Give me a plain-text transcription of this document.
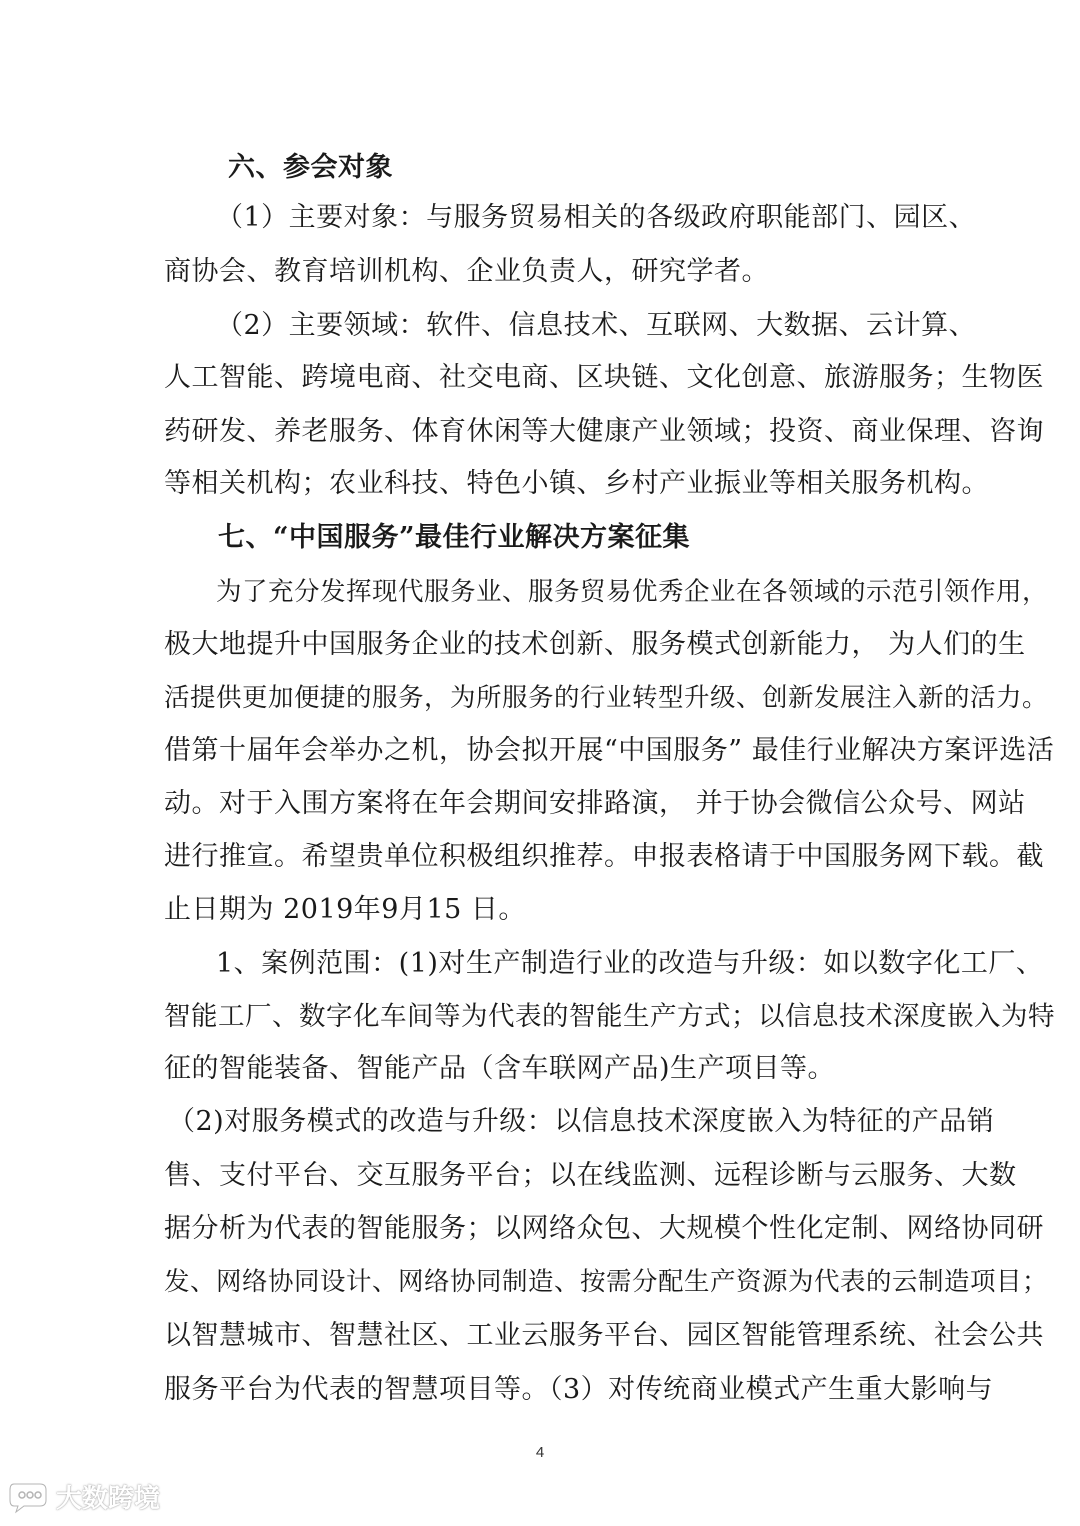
六、参会对象
（1）主要对象：与服务贸易相关的各级政府职能部门、园区、
商协会、教育培训机构、企业负责人，研究学者。
（2）主要领域：软件、信息技术、互联网、大数据、云计算、
人工智能、跨境电商、社交电商、区块链、文化创意、旅游服务；生物医
药研发、养老服务、体育休闲等大健康产业领域；投资、商业保理、咨询
等相关机构；农业科技、特色小镇、乡村产业振业等相关服务机构。
七、“中国服务”最佳行业解决方案征集
为了充分发挥现代服务业、服务贸易优秀企业在各领域的示范引领作用，
极大地提升中国服务企业的技术创新、服务模式创新能力， 为人们的生
活提供更加便捷的服务，为所服务的行业转型升级、创新发展注入新的活力。
借第十届年会举办之机，协会拟开展“中国服务” 最佳行业解决方案评选活
动。对于入围方案将在年会期间安排路演， 并于协会微信公众号、网站
进行推宣。希望贵单位积极组织推荐。申报表格请于中国服务网下载。截
止日期为 2019年9月15 日。
1、案例范围：(1)对生产制造行业的改造与升级：如以数字化工厂、
智能工厂、数字化车间等为代表的智能生产方式；以信息技术深度嵌入为特
征的智能装备、智能产品（含车联网产品)生产项目等。
（2)对服务模式的改造与升级：以信息技术深度嵌入为特征的产品销
售、支付平台、交互服务平台；以在线监测、远程诊断与云服务、大数
据分析为代表的智能服务；以网络众包、大规模个性化定制、网络协同研
发、网络协同设计、网络协同制造、按需分配生产资源为代表的云制造项目；
以智慧城市、智慧社区、工业云服务平台、园区智能管理系统、社会公共
服务平台为代表的智慧项目等。（3）对传统商业模式产生重大影响与
4
大数跨境
